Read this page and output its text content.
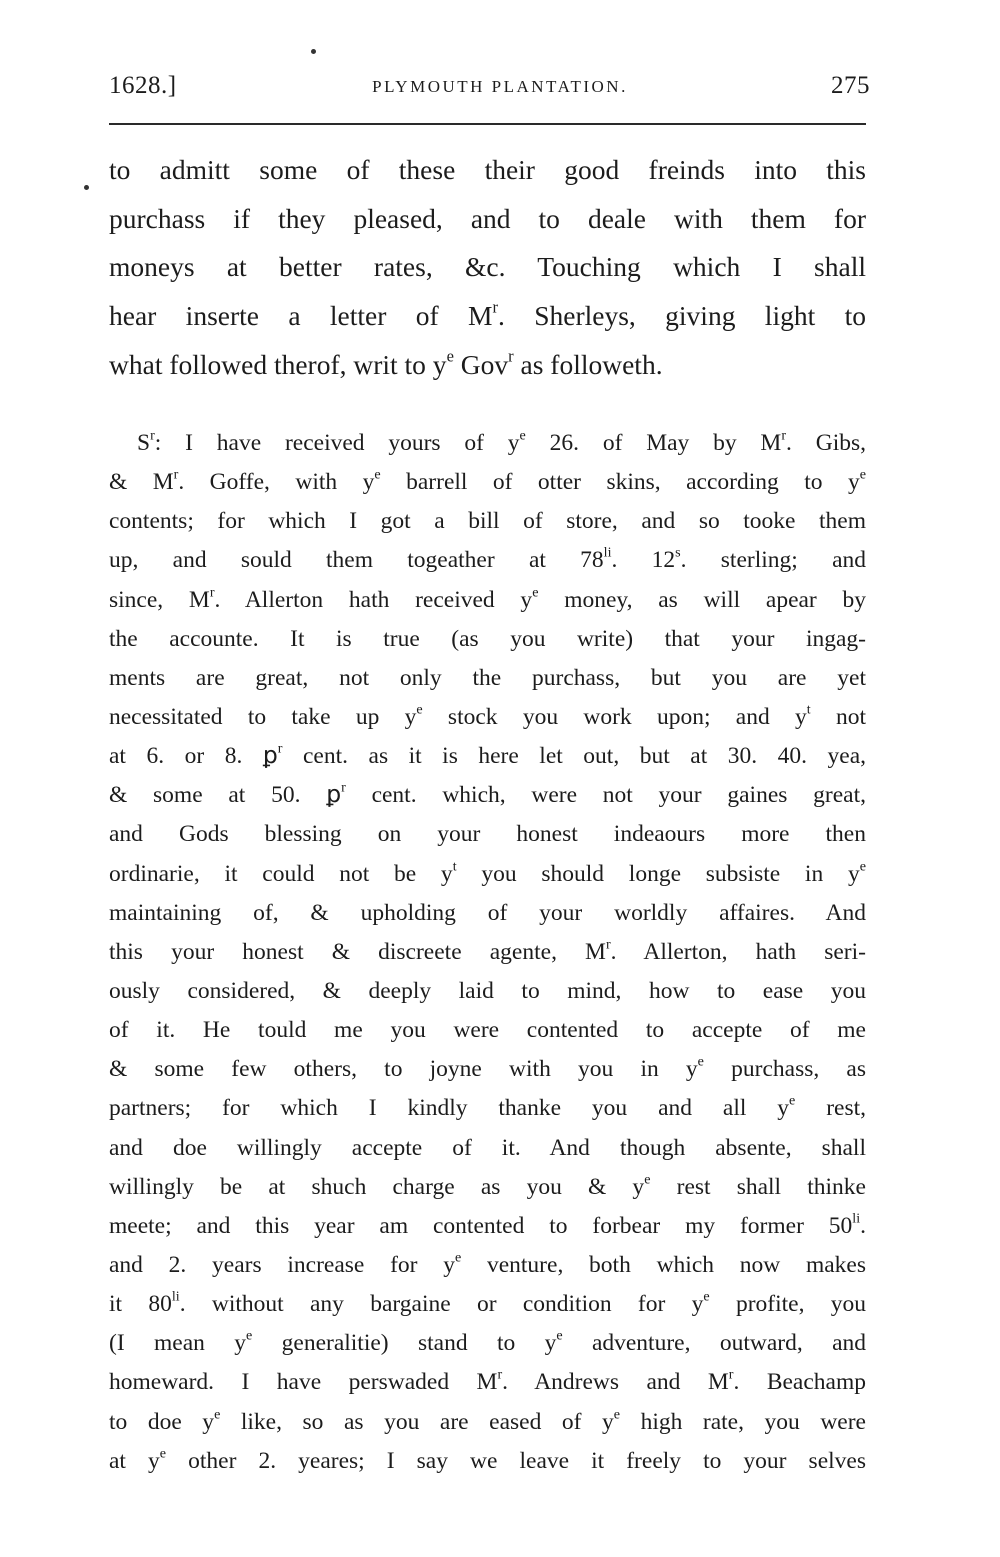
1628.]	PLYMOUTH PLANTATION.	275

to admitt some of these their good freinds into this
purchass if they pleased, and to deale with them for
moneys at better rates, &c. Touching which I shall
hear inserte a letter of $M^r$. Sherleys, giving light to
what followed therof, writ to $y^e$ Gov$^r$ as followeth.

$S^r$: I have received yours of $y^e$ 26. of May by $M^r$. Gibs,
& $M^r$. Goffe, with $y^e$ barrell of otter skins, according to $y^e$
contents; for which I got a bill of store, and so tooke them
up, and sould them togeather at $78^{li}$. 12$^s$. sterling; and
since, $M^r$. Allerton hath received $y^e$ money, as will apear by
the accounte. It is true (as you write) that your ingag-
ments are great, not only the purchass, but you are yet
necessitated to take up $y^e$ stock you work upon; and $y^t$ not
at 6. or 8. ꝑ$^r$ cent. as it is here let out, but at 30. 40. yea,
& some at 50. ꝑ$^r$ cent. which, were not your gaines great,
and Gods blessing on your honest indeaours more then
ordinarie, it could not be $y^t$ you should longe subsiste in $y^e$
maintaining of, & upholding of your worldly affaires. And
this your honest & discreete agente, $M^r$. Allerton, hath seri-
ously considered, & deeply laid to mind, how to ease you
of it. He tould me you were contented to accepte of me
& some few others, to joyne with you in $y^e$ purchass, as
partners; for which I kindly thanke you and all $y^e$ rest,
and doe willingly accepte of it. And though absente, shall
willingly be at shuch charge as you & $y^e$ rest shall thinke
meete; and this year am contented to forbear my former $50^{li}$.
and 2. years increase for $y^e$ venture, both which now makes
it $80^{li}$. without any bargaine or condition for $y^e$ profite, you
(I mean $y^e$ generalitie) stand to $y^e$ adventure, outward, and
homeward. I have perswaded $M^r$. Andrews and $M^r$. Beachamp
to doe $y^e$ like, so as you are eased of $y^e$ high rate, you were
at $y^e$ other 2. yeares; I say we leave it freely to your selves
